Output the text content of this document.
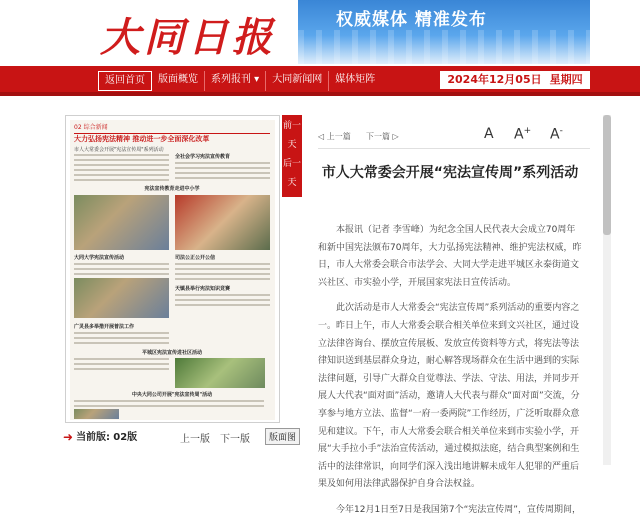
大同日报	权威媒体 精准发布
返回首页	版面概览	系列报刊 ▾	大同新闻网	媒体矩阵	2024年12月05日 星期四
02 综合新闻
大力弘扬宪法精神 推动进一步全面深化改革
市人大常委会开展"宪法宣传周"系列活动
全社会学习宪法宣传教育
宪法宣传教育走进中小学
大同大学宪法宣传活动	司法公正公开公信
广灵县多举措开展普法工作
天镇县举行宪法知识竞赛
平城区宪法宣传进社区活动
中央大同公司开展"宪法宣传周"活动
前一天
后一天
➜ 当前版: 02版	上一版 下一版	版面图
◁ 上一篇 下一篇 ▷	A A+ A-
市人大常委会开展“宪法宣传周”系列活动

本报讯（记者 李雪峰）为纪念全国人民代表大会成立70周年和新中国宪法颁布70周年，大力弘扬宪法精神、维护宪法权威，昨日，市人大常委会联合市法学会、大同大学走进平城区永泰街道文兴社区、市实验小学，开展国家宪法日宣传活动。

此次活动是市人大常委会“宪法宣传周”系列活动的重要内容之一。昨日上午，市人大常委会联合相关单位来到文兴社区，通过设立法律咨询台、摆放宣传展板、发放宣传资料等方式，将宪法等法律知识送到基层群众身边，耐心解答现场群众在生活中遇到的实际法律问题，引导广大群众自觉尊法、学法、守法、用法，并同步开展人大代表“面对面”活动，邀请人大代表与群众“面对面”交流，分享参与地方立法、监督“一府一委两院”工作经历，广泛听取群众意见和建议。下午，市人大常委会联合相关单位来到市实验小学，开展“大手拉小手”法治宣传活动，通过模拟法庭，结合典型案例和生活中的法律常识，向同学们深入浅出地讲解未成年人犯罪的严重后果及如何用法律武器保护自身合法权益。

今年12月1日至7日是我国第7个“宪法宣传周”，宣传周期间，
